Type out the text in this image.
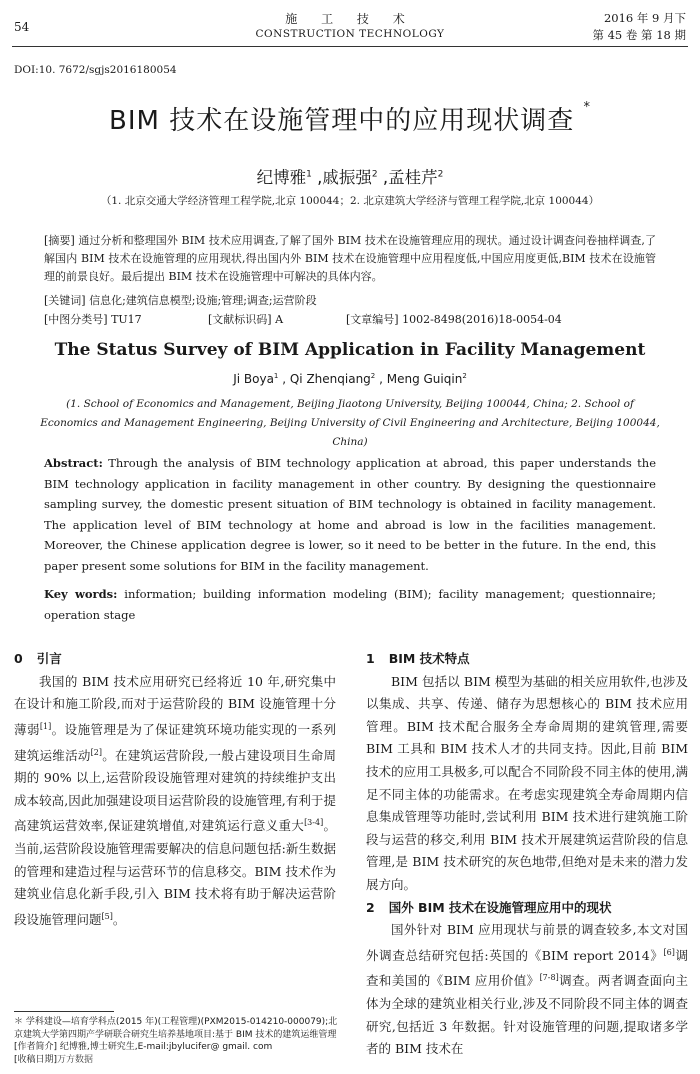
54
施 工 技 术
CONSTRUCTION TECHNOLOGY
2016 年 9 月下
第 45 卷 第 18 期
DOI:10. 7672/sgjs2016180054
BIM 技术在设施管理中的应用现状调查 *
纪博雅$^1$ ,戚振强$^2$ ,孟桂芹$^2$
（1. 北京交通大学经济管理工程学院,北京 100044；2. 北京建筑大学经济与管理工程学院,北京 100044）
[摘要] 通过分析和整理国外 BIM 技术应用调查,了解了国外 BIM 技术在设施管理应用的现状。通过设计调查问卷抽样调查,了解国内 BIM 技术在设施管理的应用现状,得出国内外 BIM 技术在设施管理中应用程度低,中国应用度更低,BIM 技术在设施管理的前景良好。最后提出 BIM 技术在设施管理中可解决的具体内容。
[关键词] 信息化;建筑信息模型;设施;管理;调查;运营阶段
[中图分类号] TU17	[文献标识码] A	[文章编号] 1002-8498(2016)18-0054-04
The Status Survey of BIM Application in Facility Management
Ji Boya$^1$ , Qi Zhenqiang$^2$ , Meng Guiqin$^2$
(1. School of Economics and Management, Beijing Jiaotong University, Beijing 100044, China; 2. School of Economics and Management Engineering, Beijing University of Civil Engineering and Architecture, Beijing 100044, China)
Abstract: Through the analysis of BIM technology application at abroad, this paper understands the BIM technology application in facility management in other country. By designing the questionnaire sampling survey, the domestic present situation of BIM technology is obtained in facility management. The application level of BIM technology at home and abroad is low in the facilities management. Moreover, the Chinese application degree is lower, so it need to be better in the future. In the end, this paper present some solutions for BIM in the facility management.
Key words: information; building information modeling (BIM); facility management; questionnaire; operation stage
0 引言

我国的 BIM 技术应用研究已经将近 10 年,研究集中在设计和施工阶段,而对于运营阶段的 BIM 设施管理十分薄弱[1]。设施管理是为了保证建筑环境功能实现的一系列建筑运维活动[2]。在建筑运营阶段,一般占建设项目生命周期的 90% 以上,运营阶段设施管理对建筑的持续维护支出成本较高,因此加强建设项目运营阶段的设施管理,有利于提高建筑运营效率,保证建筑增值,对建筑运行意义重大[3-4]。当前,运营阶段设施管理需要解决的信息问题包括:新生数据的管理和建造过程与运营环节的信息移交。BIM 技术作为建筑业信息化新手段,引入 BIM 技术将有助于解决运营阶段设施管理问题[5]。

1 BIM 技术特点

BIM 包括以 BIM 模型为基础的相关应用软件,也涉及以集成、共享、传递、储存为思想核心的 BIM 技术应用管理。BIM 技术配合服务全寿命周期的建筑管理,需要 BIM 工具和 BIM 技术人才的共同支持。因此,目前 BIM 技术的应用工具极多,可以配合不同阶段不同主体的使用,满足不同主体的功能需求。在考虑实现建筑全寿命周期内信息集成管理等功能时,尝试利用 BIM 技术进行建筑施工阶段与运营的移交,利用 BIM 技术开展建筑运营阶段的信息管理,是 BIM 技术研究的灰色地带,但绝对是未来的潜力发展方向。

2 国外 BIM 技术在设施管理应用中的现状

国外针对 BIM 应用现状与前景的调查较多,本文对国外调查总结研究包括:英国的《BIM report 2014》[6]调查和美国的《BIM 应用价值》[7-8]调查。两者调查面向主体为全球的建筑业相关行业,涉及不同阶段不同主体的调查研究,包括近 3 年数据。针对设施管理的问题,提取诸多学者的 BIM 技术在

＊ 学科建设—培育学科点(2015 年)(工程管理)(PXM2015-014210-000079);北京建筑大学第四期产学研联合研究生培养基地项目:基于 BIM 技术的建筑运维管理
[作者简介] 纪博雅,博士研究生,E-mail:jbylucifer@ gmail. com
[收稿日期]万方数据
